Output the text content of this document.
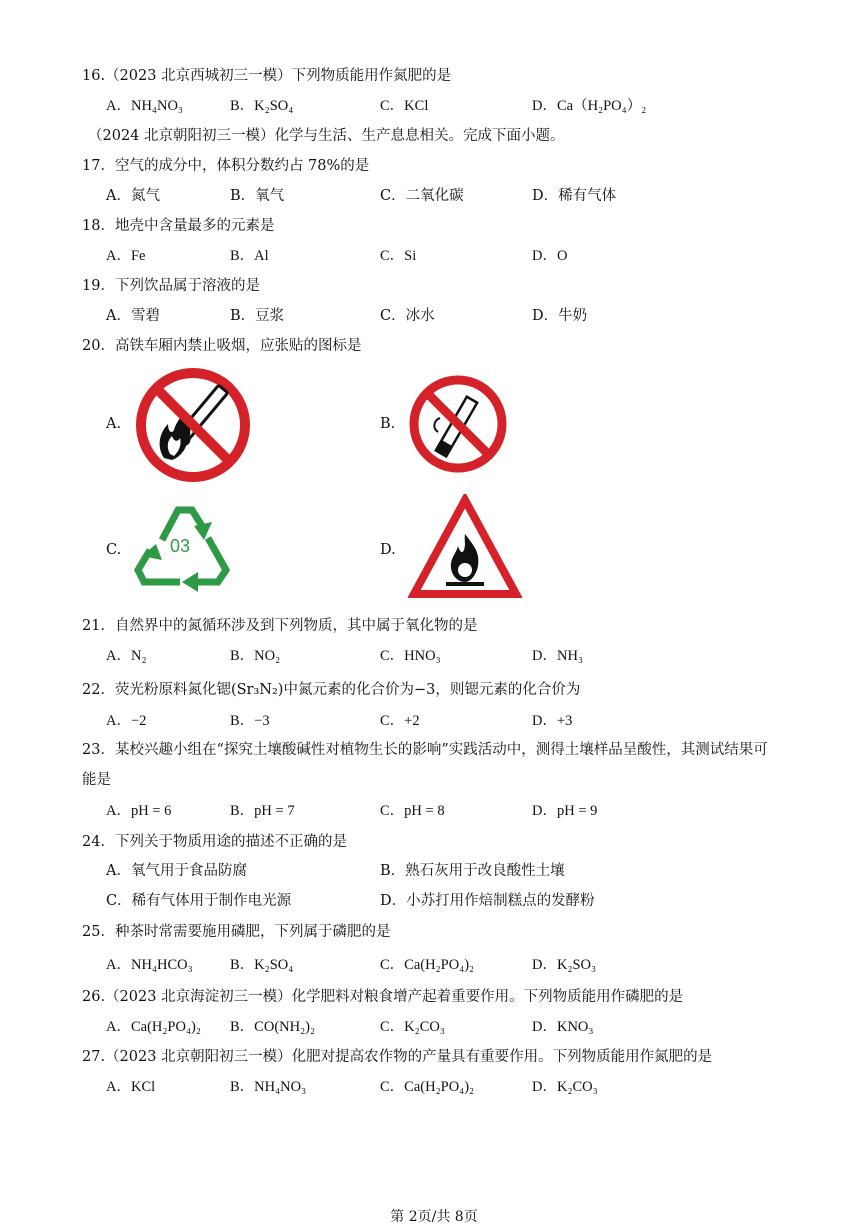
16.（2023 北京西城初三一模）下列物质能用作氮肥的是
A．NH₄NO₃	B．K₂SO₄	C．KCl	D．Ca（H₂PO₄）₂
（2024 北京朝阳初三一模）化学与生活、生产息息相关。完成下面小题。
17．空气的成分中，体积分数约占 78%的是
A．氮气	B．氧气	C．二氧化碳	D．稀有气体
18．地壳中含量最多的元素是
A．Fe	B．Al	C．Si	D．O
19．下列饮品属于溶液的是
A．雪碧	B．豆浆	C．冰水	D．牛奶
20．高铁车厢内禁止吸烟，应张贴的图标是
A.	B.
C.	03	D.
21．自然界中的氮循环涉及到下列物质，其中属于氧化物的是
A．N₂	B．NO₂	C．HNO₃	D．NH₃
22．荧光粉原料氮化锶(Sr₃N₂)中氮元素的化合价为−3，则锶元素的化合价为
A．−2	B．−3	C．+2	D．+3
23．某校兴趣小组在“探究土壤酸碱性对植物生长的影响”实践活动中，测得土壤样品呈酸性，其测试结果可
能是
A．pH = 6	B．pH = 7	C．pH = 8	D．pH = 9
24．下列关于物质用途的描述不正确的是
A．氧气用于食品防腐	B．熟石灰用于改良酸性土壤
C．稀有气体用于制作电光源	D．小苏打用作焙制糕点的发酵粉
25．种茶时常需要施用磷肥，下列属于磷肥的是
A．NH₄HCO₃	B．K₂SO₄	C．Ca(H₂PO₄)₂	D．K₂SO₃
26.（2023 北京海淀初三一模）化学肥料对粮食增产起着重要作用。下列物质能用作磷肥的是
A．Ca(H₂PO₄)₂ B．CO(NH₂)₂	C．K₂CO₃	D．KNO₃
27.（2023 北京朝阳初三一模）化肥对提高农作物的产量具有重要作用。下列物质能用作氮肥的是
A．KCl	B．NH₄NO₃	C．Ca(H₂PO₄)₂	D．K₂CO₃
第 2页/共 8页
